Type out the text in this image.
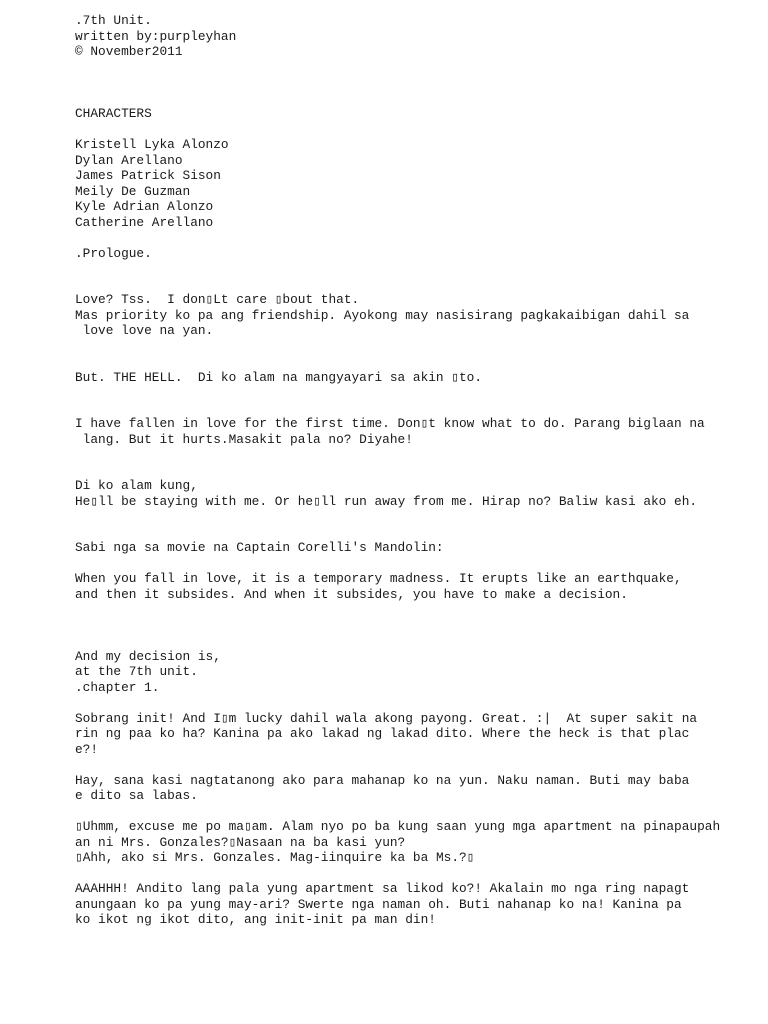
.7th Unit.
written by:purpleyhan
© November2011
CHARACTERS
Kristell Lyka Alonzo
Dylan Arellano
James Patrick Sison
Meily De Guzman
Kyle Adrian Alonzo
Catherine Arellano
.Prologue.
Love? Tss.  I don▯Lt care ▯bout that.
Mas priority ko pa ang friendship. Ayokong may nasisirang pagkakaibigan dahil sa
love love na yan.
But. THE HELL.  Di ko alam na mangyayari sa akin ▯to.
I have fallen in love for the first time. Don▯t know what to do. Parang biglaan na
lang. But it hurts.Masakit pala no? Diyahe!
Di ko alam kung,
He▯ll be staying with me. Or he▯ll run away from me. Hirap no? Baliw kasi ako eh.
Sabi nga sa movie na Captain Corelli's Mandolin:
When you fall in love, it is a temporary madness. It erupts like an earthquake,
and then it subsides. And when it subsides, you have to make a decision.
And my decision is,
at the 7th unit.
.chapter 1.
Sobrang init! And I▯m lucky dahil wala akong payong. Great. :|  At super sakit na
rin ng paa ko ha? Kanina pa ako lakad ng lakad dito. Where the heck is that plac
e?!
Hay, sana kasi nagtatanong ako para mahanap ko na yun. Naku naman. Buti may baba
e dito sa labas.
▯Uhmm, excuse me po ma▯am. Alam nyo po ba kung saan yung mga apartment na pinapaupah
an ni Mrs. Gonzales?▯Nasaan na ba kasi yun?
▯Ahh, ako si Mrs. Gonzales. Mag-iinquire ka ba Ms.?▯
AAAHHH! Andito lang pala yung apartment sa likod ko?! Akalain mo nga ring napagt
anungaan ko pa yung may-ari? Swerte nga naman oh. Buti nahanap ko na! Kanina pa
ko ikot ng ikot dito, ang init-init pa man din!
